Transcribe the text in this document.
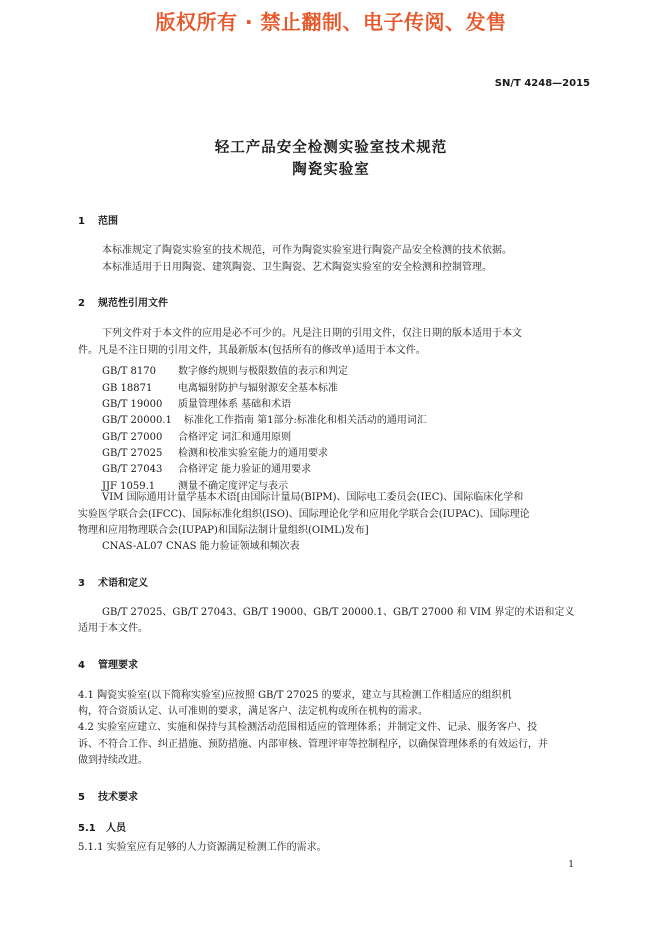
版权所有 · 禁止翻制、电子传阅、发售
SN/T 4248—2015
轻工产品安全检测实验室技术规范
陶瓷实验室
1 范围
本标准规定了陶瓷实验室的技术规范，可作为陶瓷实验室进行陶瓷产品安全检测的技术依据。
本标准适用于日用陶瓷、建筑陶瓷、卫生陶瓷、艺术陶瓷实验室的安全检测和控制管理。
2 规范性引用文件
下列文件对于本文件的应用是必不可少的。凡是注日期的引用文件，仅注日期的版本适用于本文
件。凡是不注日期的引用文件，其最新版本(包括所有的修改单)适用于本文件。
GB/T 8170 数字修约规则与极限数值的表示和判定
GB 18871	电离辐射防护与辐射源安全基本标准
GB/T 19000 质量管理体系 基础和术语
GB/T 20000.1 标准化工作指南 第1部分:标准化和相关活动的通用词汇
GB/T 27000 合格评定 词汇和通用原则
GB/T 27025 检测和校准实验室能力的通用要求
GB/T 27043 合格评定 能力验证的通用要求
JJF 1059.1 测量不确定度评定与表示
VIM 国际通用计量学基本术语[由国际计量局(BIPM)、国际电工委员会(IEC)、国际临床化学和
实验医学联合会(IFCC)、国际标准化组织(ISO)、国际理论化学和应用化学联合会(IUPAC)、国际理论
物理和应用物理联合会(IUPAP)和国际法制计量组织(OIML)发布]
CNAS-AL07 CNAS 能力验证领域和频次表
3 术语和定义
GB/T 27025、GB/T 27043、GB/T 19000、GB/T 20000.1、GB/T 27000 和 VIM 界定的术语和定义
适用于本文件。
4 管理要求
4.1 陶瓷实验室(以下简称实验室)应按照 GB/T 27025 的要求，建立与其检测工作相适应的组织机
构，符合资质认定、认可准则的要求，满足客户、法定机构或所在机构的需求。
4.2 实验室应建立、实施和保持与其检测活动范围相适应的管理体系；并制定文件、记录、服务客户、投
诉、不符合工作、纠正措施、预防措施、内部审核、管理评审等控制程序，以确保管理体系的有效运行，并
做到持续改进。
5 技术要求
5.1 人员
5.1.1 实验室应有足够的人力资源满足检测工作的需求。
1
